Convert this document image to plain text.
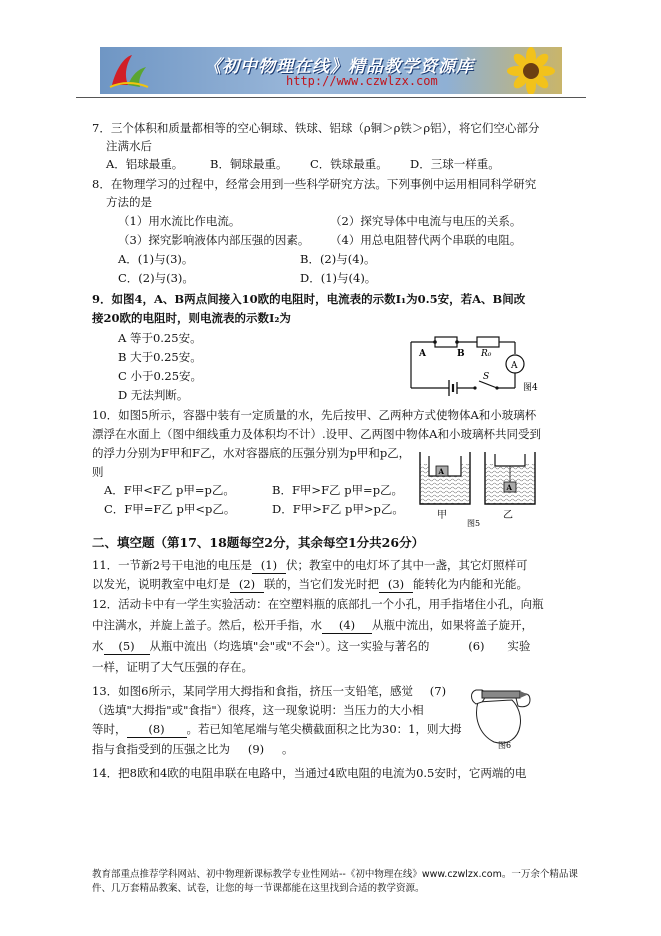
《初中物理在线》精品教学资源库
http://www.czwlzx.com
7．三个体积和质量都相等的空心铜球、铁球、铝球（ρ铜＞ρ铁＞ρ铝），将它们空心部分
注满水后
A．铝球最重。 B．铜球最重。 C．铁球最重。 D．三球一样重。
8．在物理学习的过程中，经常会用到一些科学研究方法。下列事例中运用相同科学研究
方法的是
（1）用水流比作电流。	（2）探究导体中电流与电压的关系。
（3）探究影响液体内部压强的因素。 （4）用总电阻替代两个串联的电阻。
A．(1)与(3)。	B．(2)与(4)。
C．(2)与(3)。	D．(1)与(4)。
9．如图4，A、B两点间接入10欧的电阻时，电流表的示数I₁为0.5安，若A、B间改
接20欧的电阻时，则电流表的示数I₂为
A 等于0.25安。
B 大于0.25安。
C 小于0.25安。
D 无法判断。
A	B R₀
A
S
图4
10．如图5所示，容器中装有一定质量的水，先后按甲、乙两种方式使物体A和小玻璃杯
漂浮在水面上（图中细线重力及体积均不计）.设甲、乙两图中物体A和小玻璃杯共同受到
的浮力分别为F甲和F乙，水对容器底的压强分别为p甲和p乙，
则
A．F甲<F乙 p甲=p乙。	B．F甲>F乙 p甲=p乙。
C．F甲=F乙 p甲<p乙。	D．F甲>F乙 p甲>p乙。
A
A
甲	乙
图5
二、填空题（第17、18题每空2分，其余每空1分共26分）
11．一节新2号干电池的电压是 (1) 伏；教室中的电灯坏了其中一盏，其它灯照样可
以发光，说明教室中电灯是 (2) 联的，当它们发光时把 (3) 能转化为内能和光能。
12．活动卡中有一学生实验活动：在空塑料瓶的底部扎一个小孔，用手指堵住小孔，向瓶
中注满水，并旋上盖子。然后，松开手指，水 (4) 从瓶中流出，如果将盖子旋开，
水 (5) 从瓶中流出（均选填"会"或"不会"）。这一实验与著名的	(6) 实验
一样，证明了大气压强的存在。
13．如图6所示，某同学用大拇指和食指，挤压一支铅笔，感觉 (7)
（选填"大拇指"或"食指"）很疼，这一现象说明：当压力的大小相
等时， (8) 。若已知笔尾端与笔尖横截面积之比为30：1，则大拇
指与食指受到的压强之比为 (9) 。	图6
14．把8欧和4欧的电阻串联在电路中，当通过4欧电阻的电流为0.5安时，它两端的电
教育部重点推荐学科网站、初中物理新课标教学专业性网站--《初中物理在线》www.czwlzx.com。一万余个精品课
件、几万套精品教案、试卷，让您的每一节课都能在这里找到合适的教学资源。
